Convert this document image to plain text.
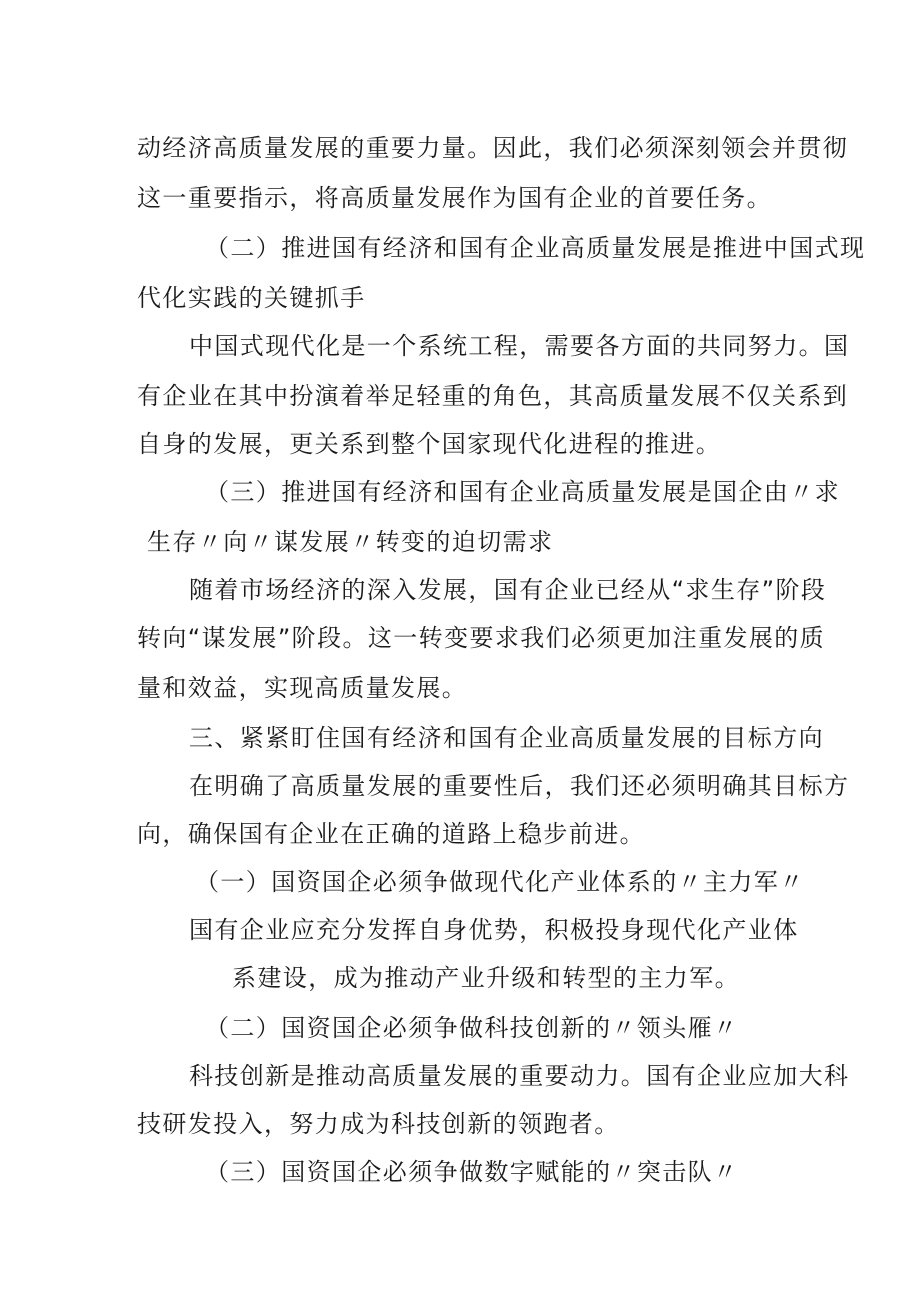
动经济高质量发展的重要力量。因此，我们必须深刻领会并贯彻
这一重要指示，将高质量发展作为国有企业的首要任务。
（二）推进国有经济和国有企业高质量发展是推进中国式现
代化实践的关键抓手
中国式现代化是一个系统工程，需要各方面的共同努力。国
有企业在其中扮演着举足轻重的角色，其高质量发展不仅关系到
自身的发展，更关系到整个国家现代化进程的推进。
（三）推进国有经济和国有企业高质量发展是国企由〃求
生存〃向〃谋发展〃转变的迫切需求
随着市场经济的深入发展，国有企业已经从“求生存”阶段
转向“谋发展”阶段。这一转变要求我们必须更加注重发展的质
量和效益，实现高质量发展。
三、紧紧盯住国有经济和国有企业高质量发展的目标方向
在明确了高质量发展的重要性后，我们还必须明确其目标方
向，确保国有企业在正确的道路上稳步前进。
（一）国资国企必须争做现代化产业体系的〃主力军〃
国有企业应充分发挥自身优势，积极投身现代化产业体
系建设，成为推动产业升级和转型的主力军。
（二）国资国企必须争做科技创新的〃领头雁〃
科技创新是推动高质量发展的重要动力。国有企业应加大科
技研发投入，努力成为科技创新的领跑者。
（三）国资国企必须争做数字赋能的〃突击队〃
